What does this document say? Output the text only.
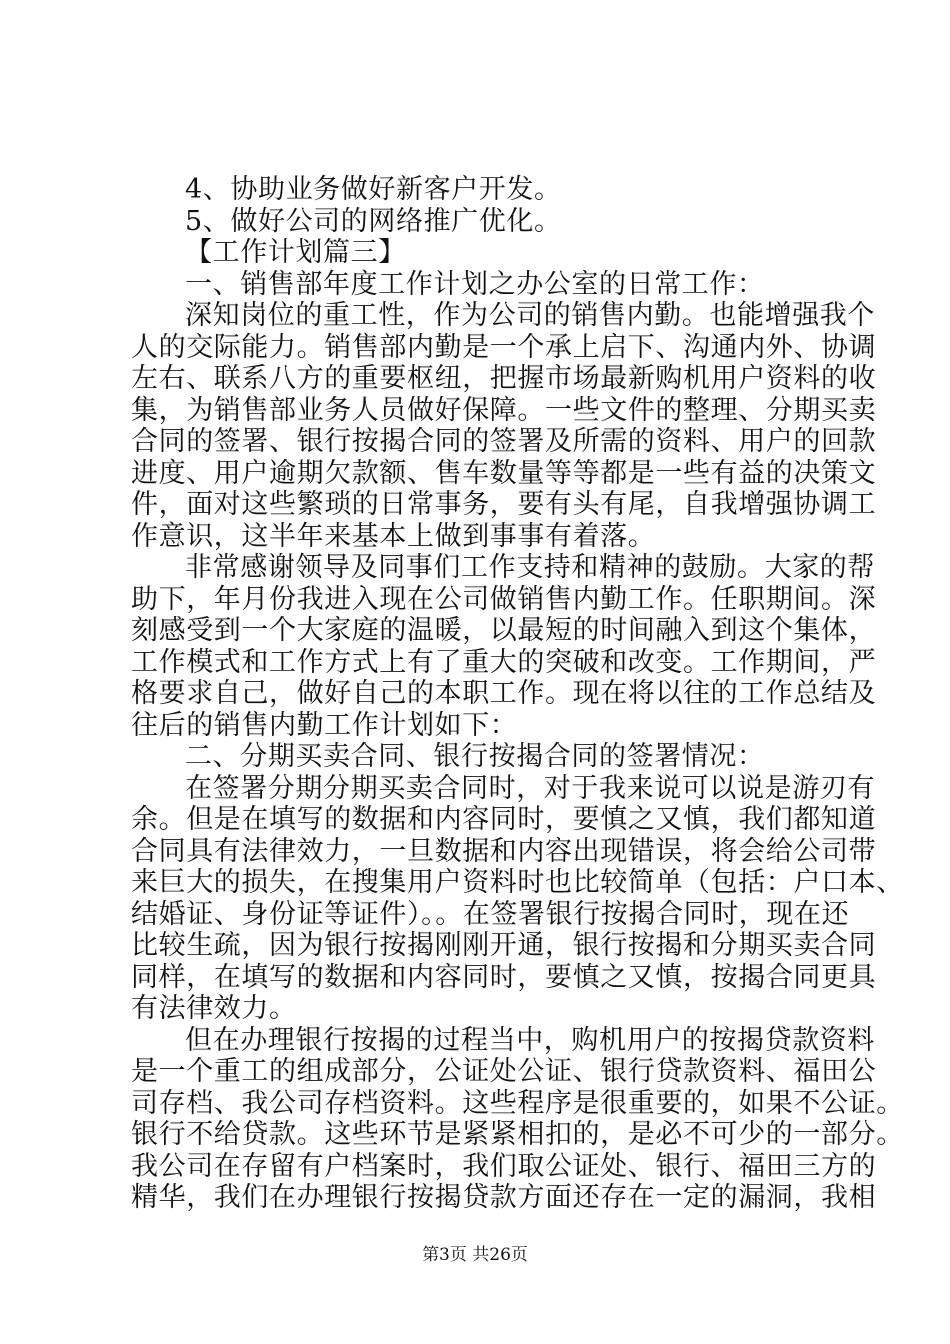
4、协助业务做好新客户开发。
5、做好公司的网络推广优化。
【工作计划篇三】
一、销售部年度工作计划之办公室的日常工作：
深知岗位的重工性，作为公司的销售内勤。也能增强我个
人的交际能力。销售部内勤是一个承上启下、沟通内外、协调
左右、联系八方的重要枢纽，把握市场最新购机用户资料的收
集，为销售部业务人员做好保障。一些文件的整理、分期买卖
合同的签署、银行按揭合同的签署及所需的资料、用户的回款
进度、用户逾期欠款额、售车数量等等都是一些有益的决策文
件，面对这些繁琐的日常事务，要有头有尾，自我增强协调工
作意识，这半年来基本上做到事事有着落。
非常感谢领导及同事们工作支持和精神的鼓励。大家的帮
助下，年月份我进入现在公司做销售内勤工作。任职期间。深
刻感受到一个大家庭的温暖，以最短的时间融入到这个集体，
工作模式和工作方式上有了重大的突破和改变。工作期间，严
格要求自己，做好自己的本职工作。现在将以往的工作总结及
往后的销售内勤工作计划如下：
二、分期买卖合同、银行按揭合同的签署情况：
在签署分期分期买卖合同时，对于我来说可以说是游刃有
余。但是在填写的数据和内容同时，要慎之又慎，我们都知道
合同具有法律效力，一旦数据和内容出现错误，将会给公司带
来巨大的损失，在搜集用户资料时也比较简单（包括：户口本、
结婚证、身份证等证件）。。在签署银行按揭合同时，现在还
比较生疏，因为银行按揭刚刚开通，银行按揭和分期买卖合同
同样，在填写的数据和内容同时，要慎之又慎，按揭合同更具
有法律效力。
但在办理银行按揭的过程当中，购机用户的按揭贷款资料
是一个重工的组成部分，公证处公证、银行贷款资料、福田公
司存档、我公司存档资料。这些程序是很重要的，如果不公证。
银行不给贷款。这些环节是紧紧相扣的，是必不可少的一部分。
我公司在存留有户档案时，我们取公证处、银行、福田三方的
精华，我们在办理银行按揭贷款方面还存在一定的漏洞，我相
第3页 共26页
